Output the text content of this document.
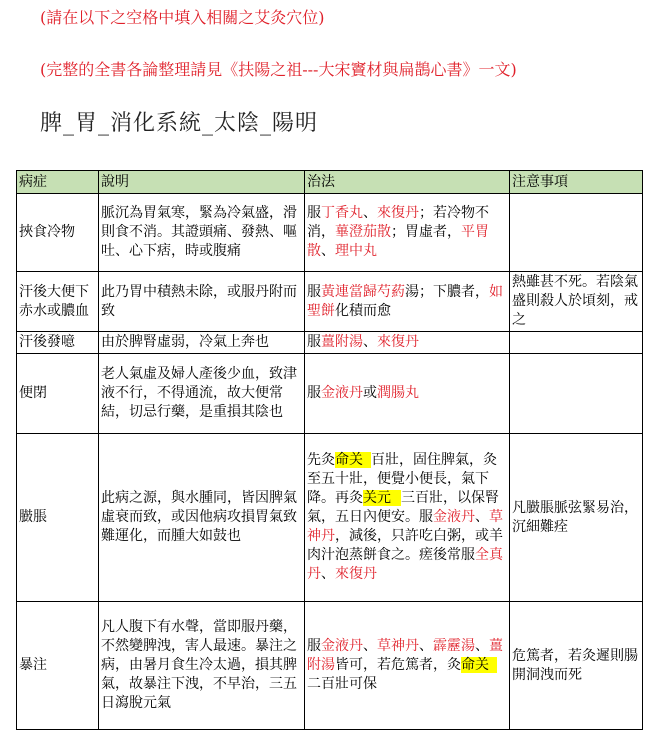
(請在以下之空格中填入相關之艾灸穴位)
(完整的全書各論整理請見《扶陽之祖---大宋竇材與扁鵲心書》一文)
脾_胃_消化系統_太陰_陽明
病症	說明	治法	注意事項
挾食冷物	脈沉為胃氣寒，緊為冷氣盛，滑則食不消。其證頭痛、發熱、嘔吐、心下痞，時或腹痛	服丁香丸、來復丹；若冷物不消，蓽澄茄散；胃虛者，平胃散、理中丸	
汗後大便下赤水或膿血	此乃胃中積熱未除，或服丹附而致	服黃連當歸芍葯湯；下膿者，如聖餅化積而愈	熱雖甚不死。若陰氣盛則殺人於頃刻，戒之
汗後發噫	由於脾腎虛弱，冷氣上奔也	服薑附湯、來復丹	
便閉	老人氣虛及婦人產後少血，致津液不行，不得通流，故大便常結，切忌行藥，是重損其陰也	服金液丹或潤腸丸	
臌脹	此病之源，與水腫同，皆因脾氣虛衰而致，或因他病攻損胃氣致難運化，而腫大如鼓也	先灸命关 百壯，固住脾氣，灸至五十壯，便覺小便長，氣下降。再灸关元 三百壯，以保腎氣，五日內便安。服金液丹、草神丹，減後，只許吃白粥，或羊肉汁泡蒸餅食之。瘥後常服全真丹、來復丹	凡臌脹脈弦緊易治，沉細難痊
暴注	凡人腹下有水聲，當即服丹藥，不然變脾洩，害人最速。暴注之病，由暑月食生冷太過，損其脾氣，故暴注下洩，不早治，三五日瀉脫元氣	服金液丹、草神丹、霹靂湯、薑附湯皆可，若危篤者，灸命关二百壯可保	危篤者，若灸遲則腸開洞洩而死
